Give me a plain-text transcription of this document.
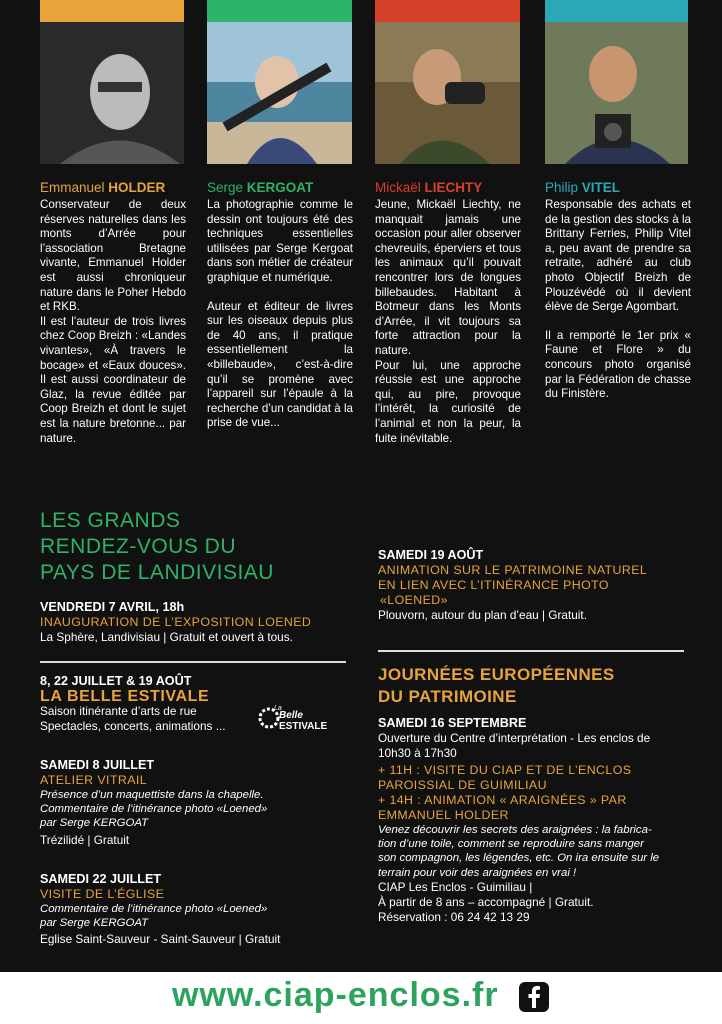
Emmanuel HOLDER

Conservateur de deux réserves naturelles dans les monts d’Arrée pour l’association Bretagne vivante, Emmanuel Holder est aussi chroniqueur nature dans le Poher Hebdo et RKB.

Il est l’auteur de trois livres chez Coop Breizh : «Landes vivantes», «À travers le bocage» et «Eaux douces». Il est aussi coordinateur de Glaz, la revue éditée par Coop Breizh et dont le sujet est la nature bretonne... par nature.

Serge KERGOAT

La photographie comme le dessin ont toujours été des techniques essentielles utilisées par Serge Kergoat dans son métier de créateur graphique et numérique.

Auteur et éditeur de livres sur les oiseaux depuis plus de 40 ans, il pratique essentiellement la «billebaude», c’est-à-dire qu’il se promène avec l’appareil sur l’épaule à la recherche d’un candidat à la prise de vue...

Mickaël LIECHTY

Jeune, Mickaël Liechty, ne manquait jamais une occasion pour aller observer chevreuils, éperviers et tous les animaux qu’il pouvait rencontrer lors de longues billebaudes. Habitant à Botmeur dans les Monts d’Arrée, il vit toujours sa forte attraction pour la nature.

Pour lui, une approche réussie est une approche qui, au pire, provoque l’intérêt, la curiosité de l’animal et non la peur, la fuite inévitable.

Philip VITEL

Responsable des achats et de la gestion des stocks à la Brittany Ferries, Philip Vitel a, peu avant de prendre sa retraite, adhéré au club photo Objectif Breizh de Plouzévédé où il devient élève de Serge Agombart.

Il a remporté le 1er prix « Faune et Flore » du concours photo organisé par la Fédération de chasse du Finistère.

LES GRANDS
RENDEZ-VOUS DU
PAYS DE LANDIVISIAU
VENDREDI 7 AVRIL, 18h
INAUGURATION DE L’EXPOSITION LOENED
La Sphère, Landivisiau | Gratuit et ouvert à tous.
8, 22 JUILLET & 19 AOÛT
LA BELLE ESTIVALE
Saison itinérante d’arts de rue
Spectacles, concerts, animations ...
La
Belle
ESTIVALE
SAMEDI 8 JUILLET
ATELIER VITRAIL
Présence d’un maquettiste dans la chapelle.
Commentaire de l’itinérance photo «Loened»
par Serge KERGOAT
Trézilidé | Gratuit
SAMEDI 22 JUILLET
VISITE DE L’ÉGLISE
Commentaire de l’itinérance photo «Loened»
par Serge KERGOAT
Eglise Saint-Sauveur - Saint-Sauveur | Gratuit
SAMEDI 19 AOÛT
ANIMATION SUR LE PATRIMOINE NATUREL
EN LIEN AVEC L’ITINÉRANCE PHOTO
«LOENED»
Plouvorn, autour du plan d’eau | Gratuit.
JOURNÉES EUROPÉENNES
DU PATRIMOINE
SAMEDI 16 SEPTEMBRE
Ouverture du Centre d’interprétation - Les enclos de
10h30 à 17h30
+ 11H : VISITE DU CIAP ET DE L’ENCLOS
PAROISSIAL DE GUIMILIAU
+ 14H : ANIMATION « ARAIGNÉES » PAR
EMMANUEL HOLDER
Venez découvrir les secrets des araignées : la fabrica-
tion d’une toile, comment se reproduire sans manger
son compagnon, les légendes, etc. On ira ensuite sur le
terrain pour voir des araignées en vrai !
CIAP Les Enclos - Guimiliau |
À partir de 8 ans – accompagné | Gratuit.
Réservation : 06 24 42 13 29
www.ciap-enclos.fr
